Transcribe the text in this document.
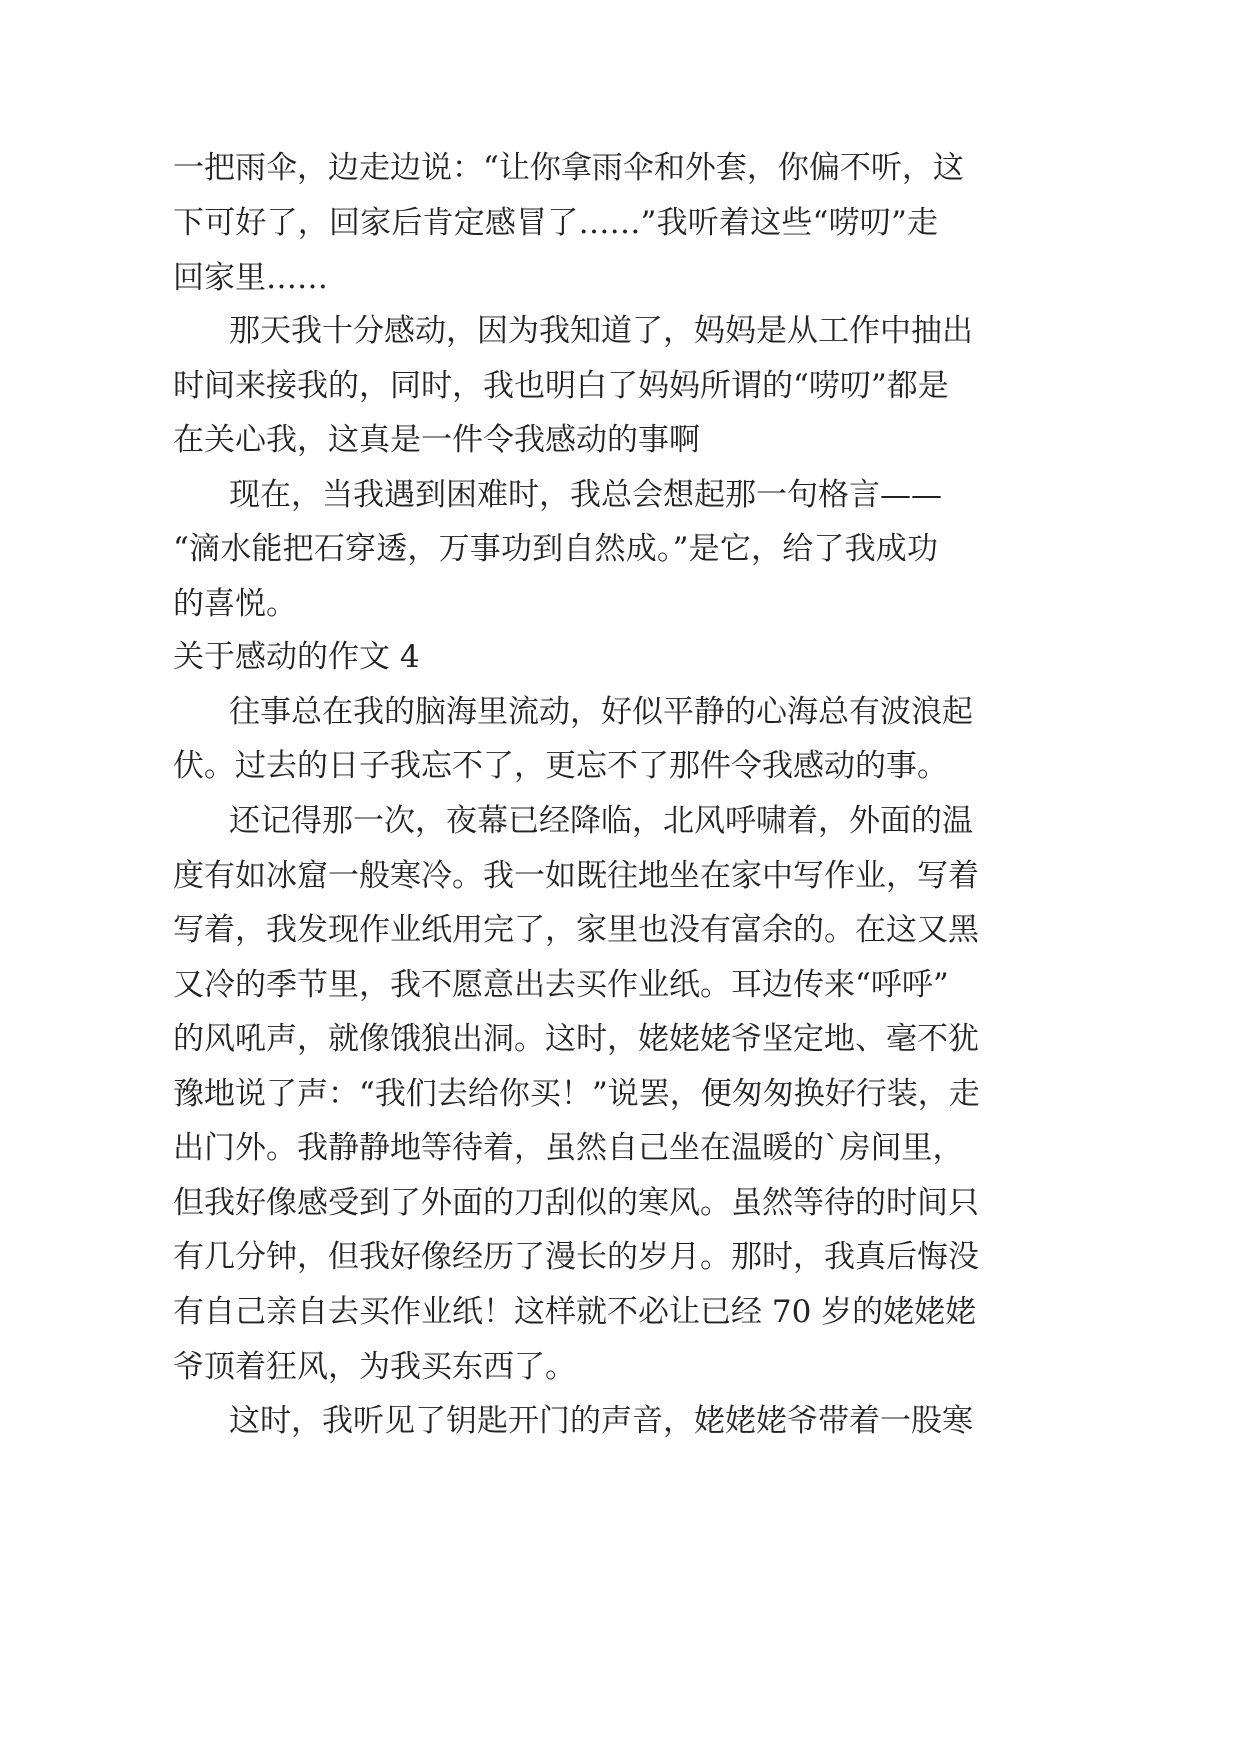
一把雨伞，边走边说：“让你拿雨伞和外套，你偏不听，这
下可好了，回家后肯定感冒了……”我听着这些“唠叨”走
回家里……
那天我十分感动，因为我知道了，妈妈是从工作中抽出
时间来接我的，同时，我也明白了妈妈所谓的“唠叨”都是
在关心我，这真是一件令我感动的事啊
现在，当我遇到困难时，我总会想起那一句格言——
“滴水能把石穿透，万事功到自然成。”是它，给了我成功
的喜悦。
关于感动的作文 4
往事总在我的脑海里流动，好似平静的心海总有波浪起
伏。过去的日子我忘不了，更忘不了那件令我感动的事。
还记得那一次，夜幕已经降临，北风呼啸着，外面的温
度有如冰窟一般寒冷。我一如既往地坐在家中写作业，写着
写着，我发现作业纸用完了，家里也没有富余的。在这又黑
又冷的季节里，我不愿意出去买作业纸。耳边传来“呼呼”
的风吼声，就像饿狼出洞。这时，姥姥姥爷坚定地、毫不犹
豫地说了声：“我们去给你买！”说罢，便匆匆换好行装，走
出门外。我静静地等待着，虽然自己坐在温暖的`房间里，
但我好像感受到了外面的刀刮似的寒风。虽然等待的时间只
有几分钟，但我好像经历了漫长的岁月。那时，我真后悔没
有自己亲自去买作业纸！这样就不必让已经 70 岁的姥姥姥
爷顶着狂风，为我买东西了。
这时，我听见了钥匙开门的声音，姥姥姥爷带着一股寒
